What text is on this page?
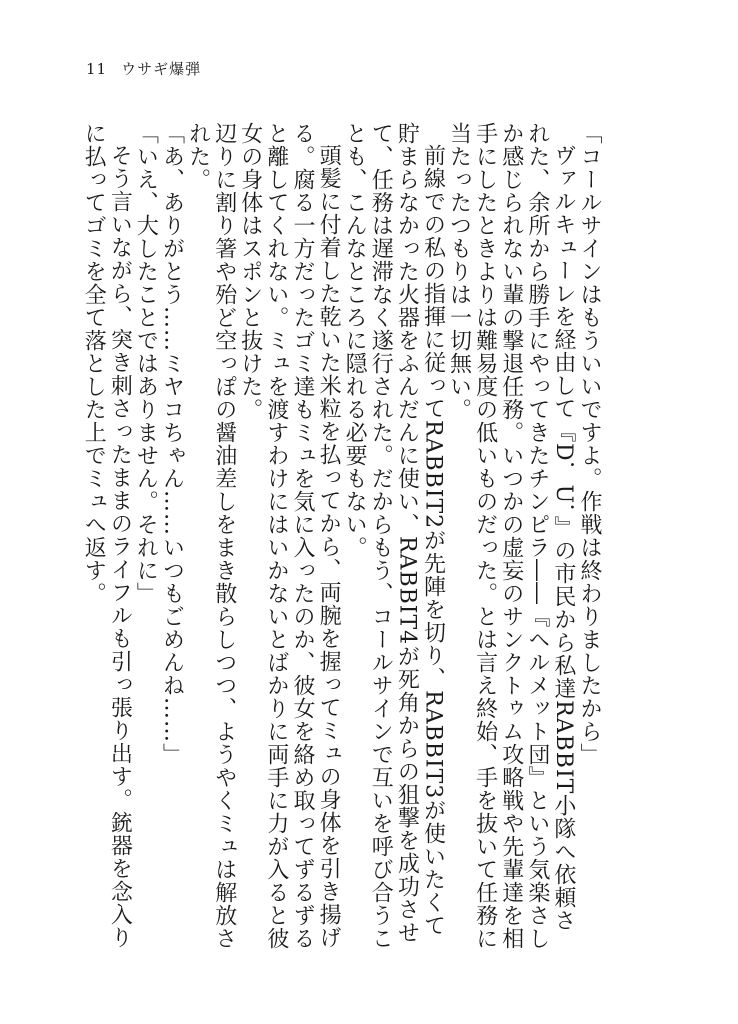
11 ウサギ爆弾

「コールサインはもういいですよ。作戦は終わりましたから」

ヴァルキューレを経由して『D．U．』の市民から私達RABBIT小隊へ依頼された、余所から勝手にやってきたチンピラ――『ヘルメット団』という気楽さしか感じられない輩の撃退任務。いつかの虚妄のサンクトゥム攻略戦や先輩達を相手にしたときよりは難易度の低いものだった。とは言え終始、手を抜いて任務に当たったつもりは一切無い。

前線での私の指揮に従ってRABBIT2が先陣を切り、RABBIT3が使いたくて貯まらなかった火器をふんだんに使い、RABBIT4が死角からの狙撃を成功させて、任務は遅滞なく遂行された。だからもう、コールサインで互いを呼び合うことも、こんなところに隠れる必要もない。

頭髪に付着した乾いた米粒を払ってから、両腕を握ってミュの身体を引き揚げる。腐る一方だったゴミ達もミュを気に入ったのか、彼女を絡め取ってずるずると離してくれない。ミュを渡すわけにはいかないとばかりに両手に力が入ると彼女の身体はスポンと抜けた。

辺りに割り箸や殆ど空っぽの醤油差しをまき散らしつつ、ようやくミュは解放された。

「あ、ありがとう……ミヤコちゃん……いつもごめんね……」

「いえ、大したことではありません。それに」

そう言いながら、突き刺さったままのライフルも引っ張り出す。銃器を念入りに払ってゴミを全て落とした上でミュへ返す。
